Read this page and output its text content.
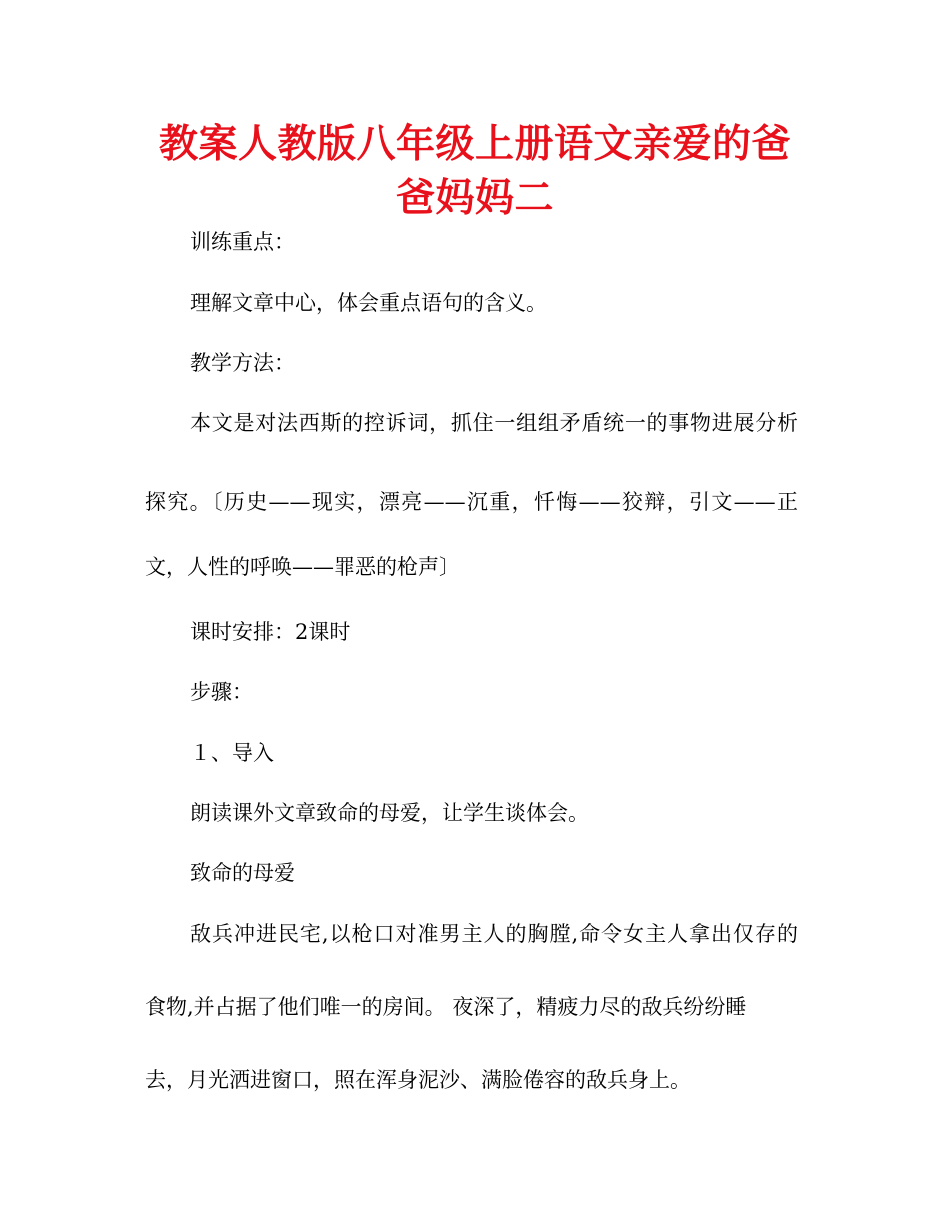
教案人教版八年级上册语文亲爱的爸爸妈妈二
训练重点：
理解文章中心，体会重点语句的含义。
教学方法：
本文是对法西斯的控诉词，抓住一组组矛盾统一的事物进展分析
探究。〔历史——现实，漂亮——沉重，忏悔——狡辩，引文——正
文，人性的呼唤——罪恶的枪声〕
课时安排：2课时
步骤：
１、导入
朗读课外文章致命的母爱，让学生谈体会。
致命的母爱
敌兵冲进民宅,以枪口对准男主人的胸膛,命令女主人拿出仅存的
食物,并占据了他们唯一的房间。 夜深了，精疲力尽的敌兵纷纷睡
去，月光洒进窗口，照在浑身泥沙、满脸倦容的敌兵身上。
